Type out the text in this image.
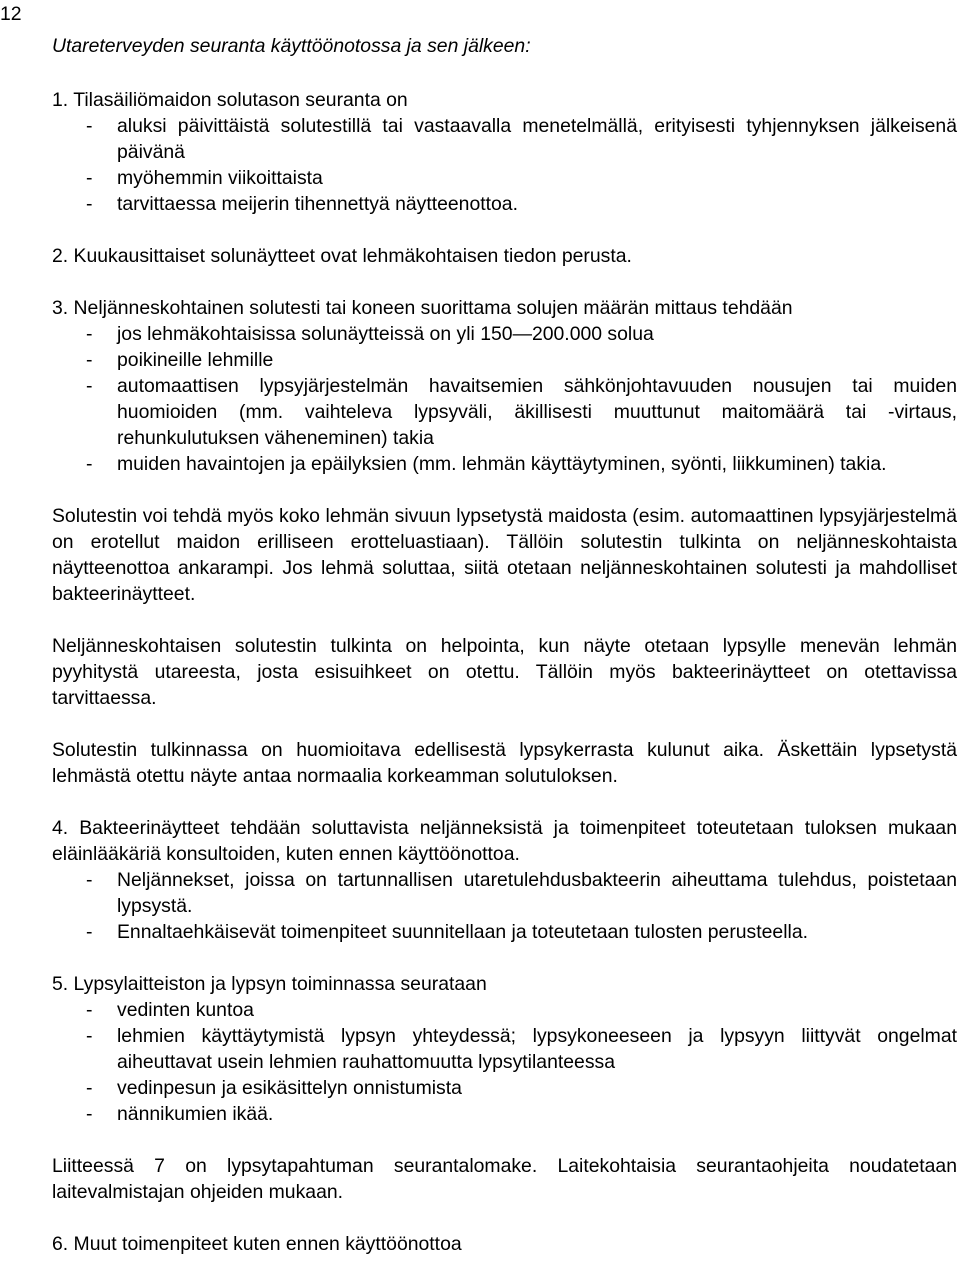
12

Utareterveyden seuranta käyttöönotossa ja sen jälkeen:

1. Tilasäiliömaidon solutason seuranta on

- aluksi päivittäistä solutestillä tai vastaavalla menetelmällä, erityisesti tyhjennyksen jälkeisenä päivänä
- myöhemmin viikoittaista
- tarvittaessa meijerin tihennettyä näytteenottoa.

2. Kuukausittaiset solunäytteet ovat lehmäkohtaisen tiedon perusta.

3. Neljänneskohtainen solutesti tai koneen suorittama solujen määrän mittaus tehdään

- jos lehmäkohtaisissa solunäytteissä on yli 150—200.000 solua
- poikineille lehmille
- automaattisen lypsyjärjestelmän havaitsemien sähkönjohtavuuden nousujen tai muiden huomioiden (mm. vaihteleva lypsyväli, äkillisesti muuttunut maitomäärä tai -virtaus, rehunkulutuksen väheneminen) takia
- muiden havaintojen ja epäilyksien (mm. lehmän käyttäytyminen, syönti, liikkuminen) takia.

Solutestin voi tehdä myös koko lehmän sivuun lypsetystä maidosta (esim. automaattinen lypsyjärjestelmä on erotellut maidon erilliseen erotteluastiaan). Tällöin solutestin tulkinta on neljänneskohtaista näytteenottoa ankarampi. Jos lehmä soluttaa, siitä otetaan neljänneskohtainen solutesti ja mahdolliset bakteerinäytteet.

Neljänneskohtaisen solutestin tulkinta on helpointa, kun näyte otetaan lypsylle menevän lehmän pyyhitystä utareesta, josta esisuihkeet on otettu. Tällöin myös bakteerinäytteet on otettavissa tarvittaessa.

Solutestin tulkinnassa on huomioitava edellisestä lypsykerrasta kulunut aika. Äskettäin lypsetystä lehmästä otettu näyte antaa normaalia korkeamman solutuloksen.

4. Bakteerinäytteet tehdään soluttavista neljänneksistä ja toimenpiteet toteutetaan tuloksen mukaan eläinlääkäriä konsultoiden, kuten ennen käyttöönottoa.

- Neljännekset, joissa on tartunnallisen utaretulehdusbakteerin aiheuttama tulehdus, poistetaan lypsystä.
- Ennaltaehkäisevät toimenpiteet suunnitellaan ja toteutetaan tulosten perusteella.

5. Lypsylaitteiston ja lypsyn toiminnassa seurataan

- vedinten kuntoa
- lehmien käyttäytymistä lypsyn yhteydessä; lypsykoneeseen ja lypsyyn liittyvät ongelmat aiheuttavat usein lehmien rauhattomuutta lypsytilanteessa
- vedinpesun ja esikäsittelyn onnistumista
- nännikumien ikää.

Liitteessä 7 on lypsytapahtuman seurantalomake. Laitekohtaisia seurantaohjeita noudatetaan laitevalmistajan ohjeiden mukaan.

6. Muut toimenpiteet kuten ennen käyttöönottoa
